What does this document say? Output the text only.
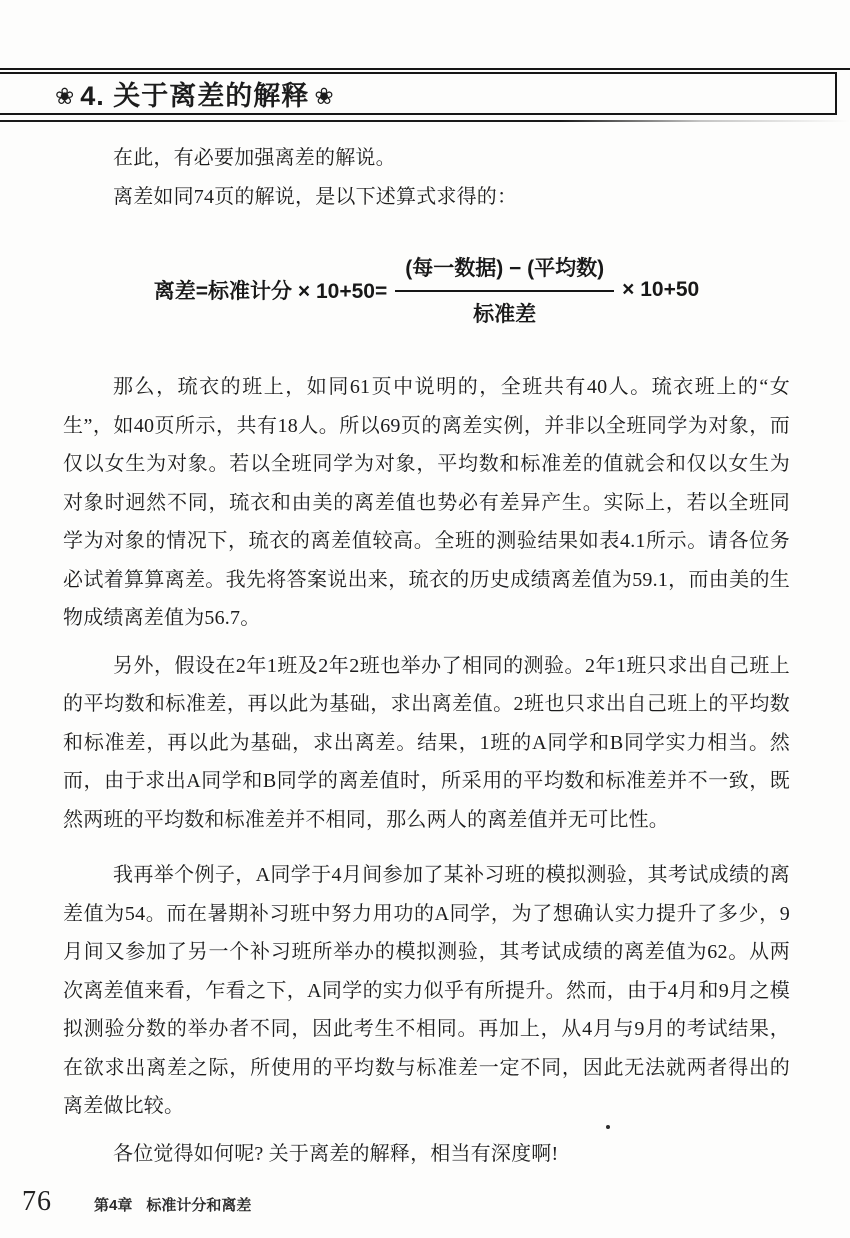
❀ 4. 关于离差的解释 ❀

在此，有必要加强离差的解说。

离差如同74页的解说，是以下述算式求得的：

离差=标准计分 × $10+50= \frac{\text{(每一数据) − (平均数)}}{\text{标准差}} \times 10+50$

那么，琉衣的班上，如同61页中说明的，全班共有40人。琉衣班上的“女生”，如40页所示，共有18人。所以69页的离差实例，并非以全班同学为对象，而仅以女生为对象。若以全班同学为对象，平均数和标准差的值就会和仅以女生为对象时迥然不同，琉衣和由美的离差值也势必有差异产生。实际上，若以全班同学为对象的情况下，琉衣的离差值较高。全班的测验结果如表4.1所示。请各位务必试着算算离差。我先将答案说出来，琉衣的历史成绩离差值为59.1，而由美的生物成绩离差值为56.7。

另外，假设在2年1班及2年2班也举办了相同的测验。2年1班只求出自己班上的平均数和标准差，再以此为基础，求出离差值。2班也只求出自己班上的平均数和标准差，再以此为基础，求出离差。结果，1班的A同学和B同学实力相当。然而，由于求出A同学和B同学的离差值时，所采用的平均数和标准差并不一致，既然两班的平均数和标准差并不相同，那么两人的离差值并无可比性。

我再举个例子，A同学于4月间参加了某补习班的模拟测验，其考试成绩的离差值为54。而在暑期补习班中努力用功的A同学，为了想确认实力提升了多少，9月间又参加了另一个补习班所举办的模拟测验，其考试成绩的离差值为62。从两次离差值来看，乍看之下，A同学的实力似乎有所提升。然而，由于4月和9月之模拟测验分数的举办者不同，因此考生不相同。再加上，从4月与9月的考试结果，在欲求出离差之际，所使用的平均数与标准差一定不同，因此无法就两者得出的离差做比较。

各位觉得如何呢? 关于离差的解释，相当有深度啊!

76	第4章 标准计分和离差
